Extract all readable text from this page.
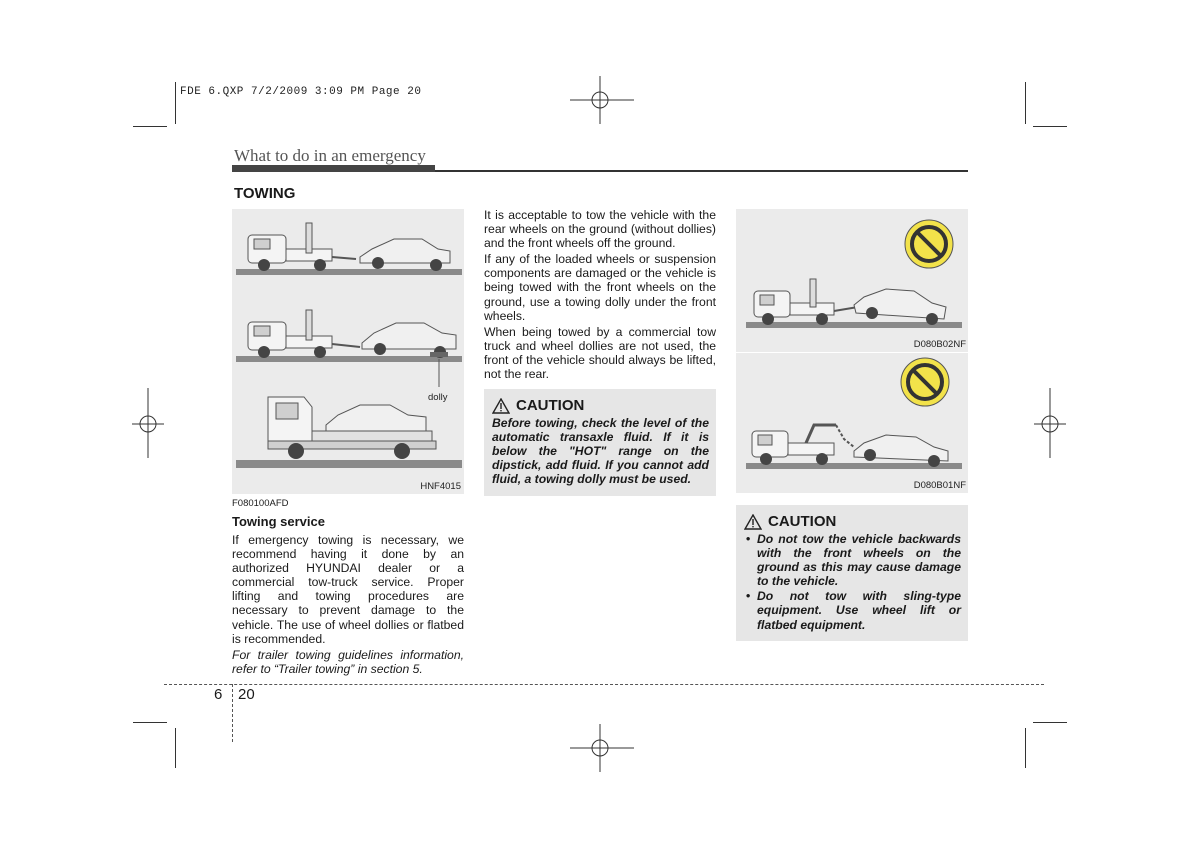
FDE 6.QXP 7/2/2009 3:09 PM Page 20
What to do in an emergency
TOWING
dolly
HNF4015
F080100AFD
Towing service
If emergency towing is necessary, we recommend having it done by an authorized HYUNDAI dealer or a commercial tow-truck service. Proper lifting and towing procedures are necessary to prevent damage to the vehicle. The use of wheel dollies or flatbed is recommended.
For trailer towing guidelines information, refer to “Trailer towing” in section 5.

It is acceptable to tow the vehicle with the rear wheels on the ground (without dollies) and the front wheels off the ground.

If any of the loaded wheels or suspension components are damaged or the vehicle is being towed with the front wheels on the ground, use a towing dolly under the front wheels.

When being towed by a commercial tow truck and wheel dollies are not used, the front of the vehicle should always be lifted, not the rear.

CAUTION
Before towing, check the level of the automatic transaxle fluid. If it is below the "HOT" range on the dipstick, add fluid. If you cannot add fluid, a towing dolly must be used.
D080B02NF
D080B01NF
CAUTION
• Do not tow the vehicle backwards with the front wheels on the ground as this may cause damage to the vehicle.
• Do not tow with sling-type equipment. Use wheel lift or flatbed equipment.
6 20
